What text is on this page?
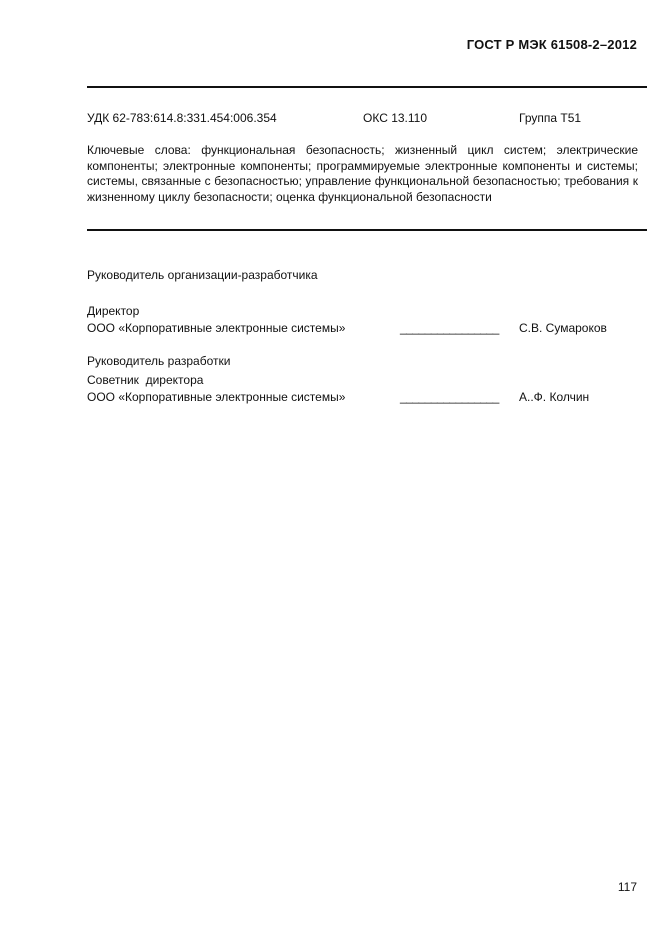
ГОСТ Р МЭК 61508-2–2012
УДК 62-783:614.8:331.454:006.354	ОКС 13.110	Группа Т51
Ключевые слова: функциональная безопасность; жизненный цикл систем; электрические компоненты; электронные компоненты; программируемые электронные компоненты и системы; системы, связанные с безопасностью; управление функциональной безопасностью; требования к жизненному циклу безопасности; оценка функциональной безопасности
Руководитель организации-разработчика
Директор
ООО «Корпоративные электронные системы»	________________ С.В. Сумароков
Руководитель разработки
Советник  директора
ООО «Корпоративные электронные системы»	________________ А..Ф. Колчин
117
